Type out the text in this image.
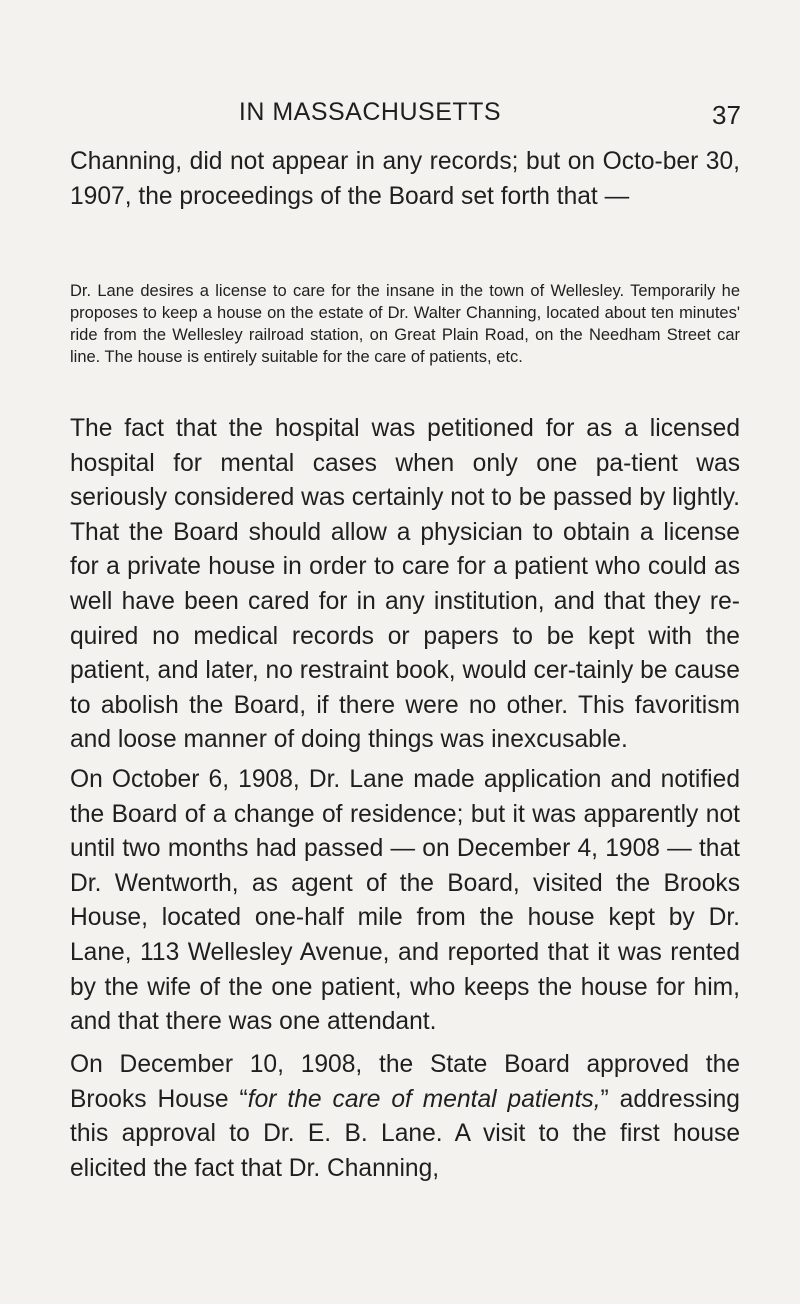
IN MASSACHUSETTS	37

Channing, did not appear in any records; but on Octo-ber 30, 1907, the proceedings of the Board set forth that —

Dr. Lane desires a license to care for the insane in the town of Wellesley. Temporarily he proposes to keep a house on the estate of Dr. Walter Channing, located about ten minutes' ride from the Wellesley railroad station, on Great Plain Road, on the Needham Street car line. The house is entirely suitable for the care of patients, etc.

The fact that the hospital was petitioned for as a licensed hospital for mental cases when only one pa-tient was seriously considered was certainly not to be passed by lightly. That the Board should allow a physician to obtain a license for a private house in order to care for a patient who could as well have been cared for in any institution, and that they re-quired no medical records or papers to be kept with the patient, and later, no restraint book, would cer-tainly be cause to abolish the Board, if there were no other. This favoritism and loose manner of doing things was inexcusable.

On October 6, 1908, Dr. Lane made application and notified the Board of a change of residence; but it was apparently not until two months had passed — on December 4, 1908 — that Dr. Wentworth, as agent of the Board, visited the Brooks House, located one-half mile from the house kept by Dr. Lane, 113 Wellesley Avenue, and reported that it was rented by the wife of the one patient, who keeps the house for him, and that there was one attendant.

On December 10, 1908, the State Board approved the Brooks House “for the care of mental patients,” addressing this approval to Dr. E. B. Lane. A visit to the first house elicited the fact that Dr. Channing,
